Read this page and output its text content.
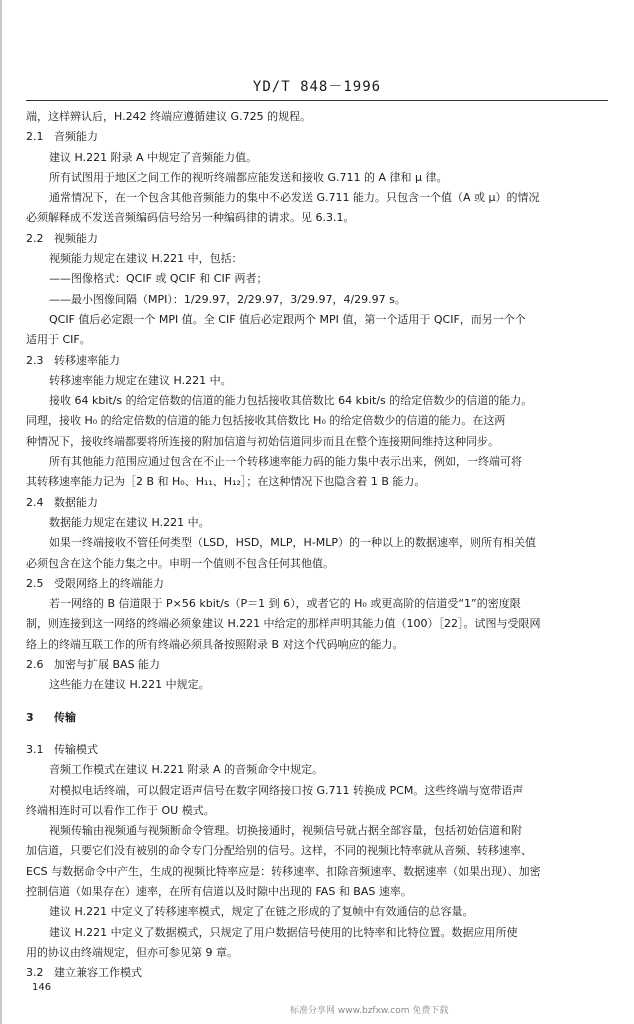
YD/T 848－1996
端，这样辨认后，H.242 终端应遵循建议 G.725 的规程。
2.1 音频能力
建议 H.221 附录 A 中规定了音频能力值。
所有试图用于地区之间工作的视听终端都应能发送和接收 G.711 的 A 律和 μ 律。
通常情况下，在一个包含其他音频能力的集中不必发送 G.711 能力。只包含一个值（A 或 μ）的情况
必须解释成不发送音频编码信号给另一种编码律的请求。见 6.3.1。
2.2 视频能力
视频能力规定在建议 H.221 中，包括：
——图像格式：QCIF 或 QCIF 和 CIF 两者；
——最小图像间隔（MPI）：1/29.97，2/29.97，3/29.97，4/29.97 s。
QCIF 值后必定跟一个 MPI 值。全 CIF 值后必定跟两个 MPI 值，第一个适用于 QCIF，而另一个个
适用于 CIF。
2.3 转移速率能力
转移速率能力规定在建议 H.221 中。
接收 64 kbit/s 的给定倍数的信道的能力包括接收其倍数比 64 kbit/s 的给定倍数少的信道的能力。
同理，接收 H₀ 的给定倍数的信道的能力包括接收其倍数比 H₀ 的给定倍数少的信道的能力。在这两
种情况下，接收终端都要将所连接的附加信道与初始信道同步而且在整个连接期间维持这种同步。
所有其他能力范围应通过包含在不止一个转移速率能力码的能力集中表示出来，例如，一终端可将
其转移速率能力记为［2 B 和 H₀、H₁₁、H₁₂］；在这种情况下也隐含着 1 B 能力。
2.4 数据能力
数据能力规定在建议 H.221 中。
如果一终端接收不管任何类型（LSD，HSD，MLP，H-MLP）的一种以上的数据速率，则所有相关值
必须包含在这个能力集之中。申明一个值则不包含任何其他值。
2.5 受限网络上的终端能力
若一网络的 B 信道限于 P×56 kbit/s（P＝1 到 6），或者它的 H₀ 或更高阶的信道受“1”的密度限
制，则连接到这一网络的终端必须象建议 H.221 中给定的那样声明其能力值（100）［22］。试图与受限网
络上的终端互联工作的所有终端必须具备按照附录 B 对这个代码响应的能力。
2.6 加密与扩展 BAS 能力
这些能力在建议 H.221 中规定。
3 传输
3.1 传输模式
音频工作模式在建议 H.221 附录 A 的音频命令中规定。
对模拟电话终端，可以假定语声信号在数字网络接口按 G.711 转换成 PCM。这些终端与宽带语声
终端相连时可以看作工作于 OU 模式。
视频传输由视频通与视频断命令管理。切换接通时，视频信号就占据全部容量，包括初始信道和附
加信道，只要它们没有被别的命令专门分配给别的信号。这样，不同的视频比特率就从音频、转移速率、
ECS 与数据命令中产生，生成的视频比特率应是：转移速率、扣除音频速率、数据速率（如果出现）、加密
控制信道（如果存在）速率，在所有信道以及时隙中出现的 FAS 和 BAS 速率。
建议 H.221 中定义了转移速率模式，规定了在链之形成的了复帧中有效通信的总容量。
建议 H.221 中定义了数据模式，只规定了用户数据信号使用的比特率和比特位置。数据应用所使
用的协议由终端规定，但亦可参见第 9 章。
3.2 建立兼容工作模式
146
标准分享网 www.bzfxw.com 免费下载
